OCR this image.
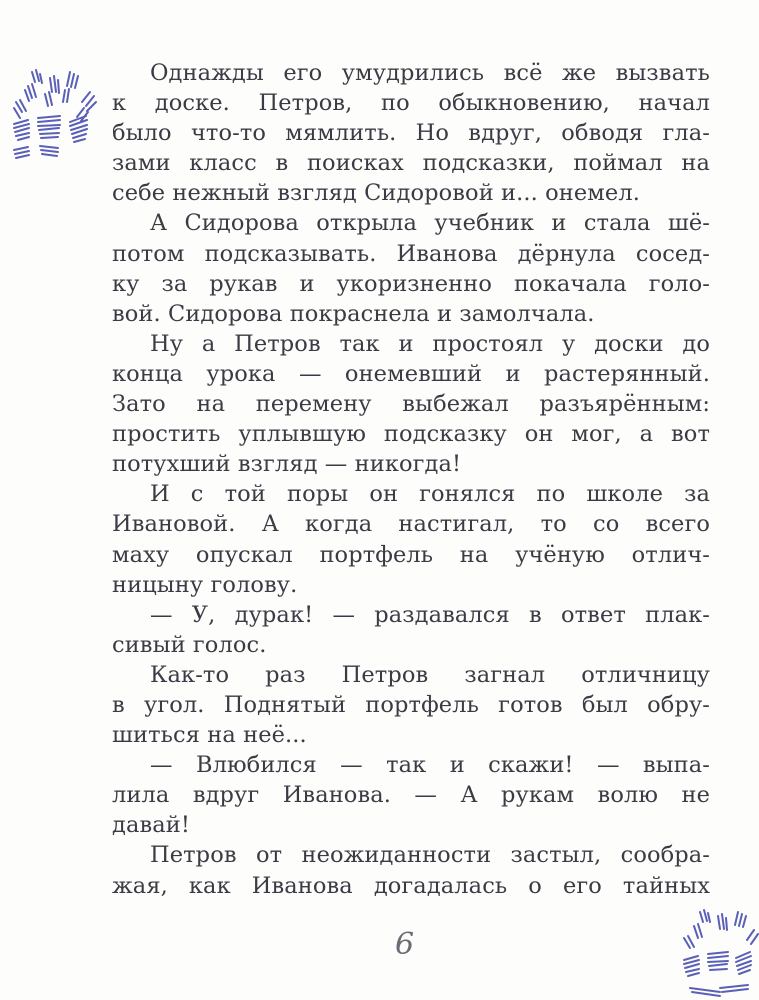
Однажды его умудрились всё же вызвать
к доске. Петров, по обыкновению, начал
было что-то мямлить. Но вдруг, обводя гла-
зами класс в поисках подсказки, поймал на
себе нежный взгляд Сидоровой и... онемел.
А Сидорова открыла учебник и стала шё-
потом подсказывать. Иванова дёрнула сосед-
ку за рукав и укоризненно покачала голо-
вой. Сидорова покраснела и замолчала.
Ну а Петров так и простоял у доски до
конца урока — онемевший и растерянный.
Зато на перемену выбежал разъярённым:
простить уплывшую подсказку он мог, а вот
потухший взгляд — никогда!
И с той поры он гонялся по школе за
Ивановой. А когда настигал, то со всего
маху опускал портфель на учёную отлич-
ницыну голову.
— У, дурак! — раздавался в ответ плак-
сивый голос.
Как-то раз Петров загнал отличницу
в угол. Поднятый портфель готов был обру-
шиться на неё...
— Влюбился — так и скажи! — выпа-
лила вдруг Иванова. — А рукам волю не
давай!
Петров от неожиданности застыл, сообра-
жая, как Иванова догадалась о его тайных
6
